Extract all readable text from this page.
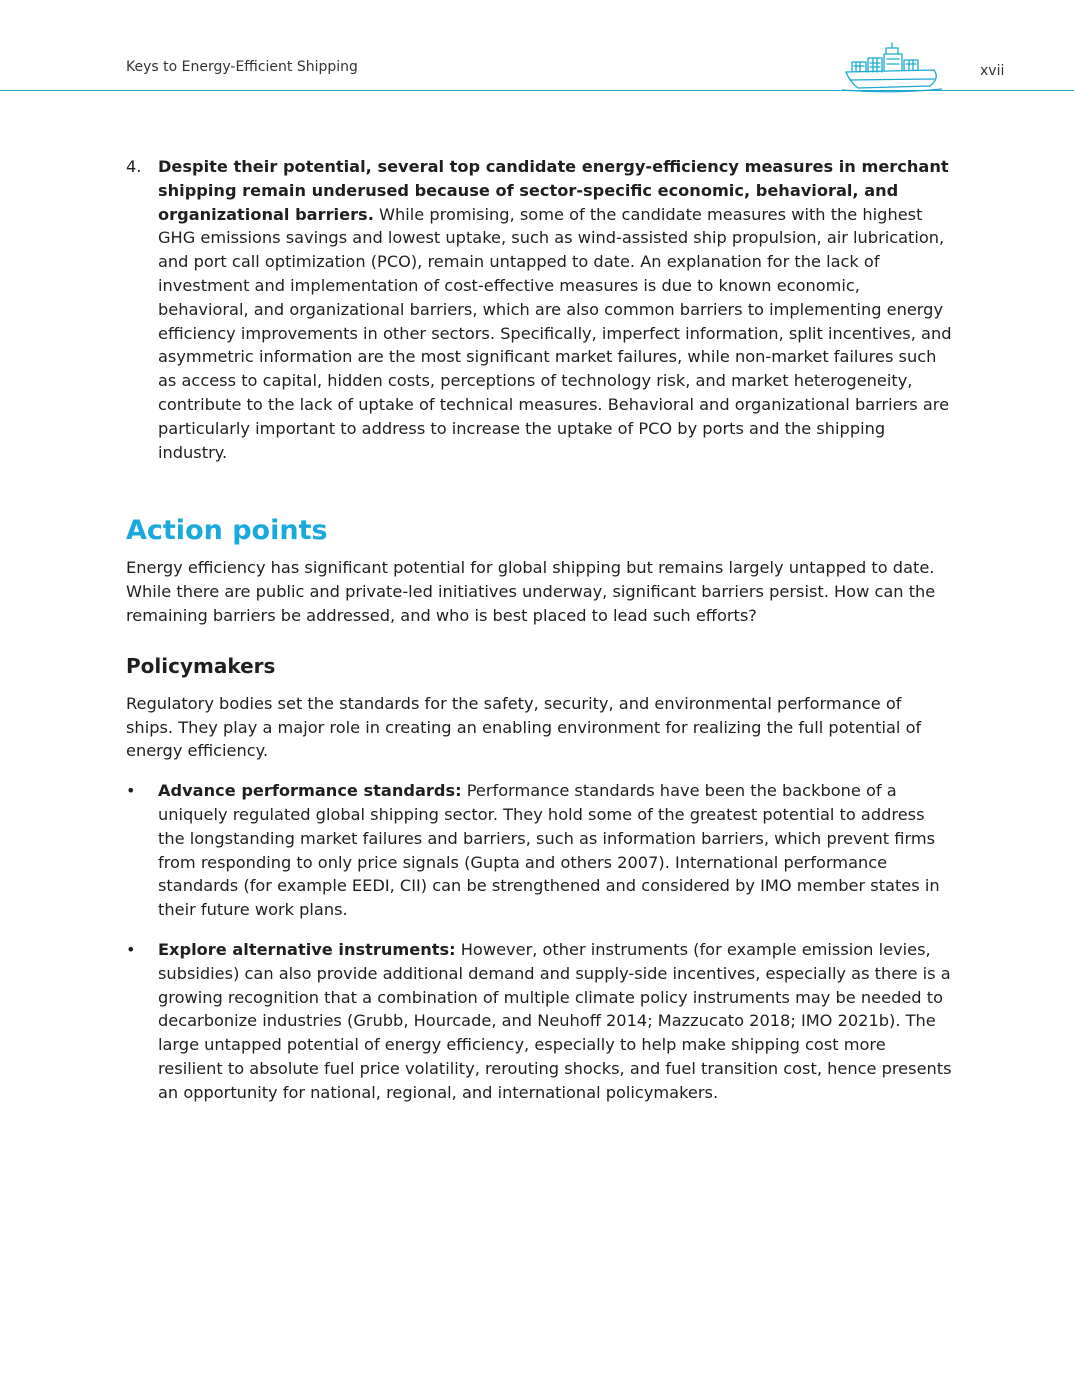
Keys to Energy-Efficient Shipping	xvii
4. Despite their potential, several top candidate energy-efficiency measures in merchant shipping remain underused because of sector-specific economic, behavioral, and organizational barriers. While promising, some of the candidate measures with the highest GHG emissions savings and lowest uptake, such as wind-assisted ship propulsion, air lubrication, and port call optimization (PCO), remain untapped to date. An explanation for the lack of investment and implementation of cost-effective measures is due to known economic, behavioral, and organizational barriers, which are also common barriers to implementing energy efficiency improvements in other sectors. Specifically, imperfect information, split incentives, and asymmetric information are the most significant market failures, while non-market failures such as access to capital, hidden costs, perceptions of technology risk, and market heterogeneity, contribute to the lack of uptake of technical measures. Behavioral and organizational barriers are particularly important to address to increase the uptake of PCO by ports and the shipping industry.
Action points

Energy efficiency has significant potential for global shipping but remains largely untapped to date. While there are public and private-led initiatives underway, significant barriers persist. How can the remaining barriers be addressed, and who is best placed to lead such efforts?

Policymakers

Regulatory bodies set the standards for the safety, security, and environmental performance of ships. They play a major role in creating an enabling environment for realizing the full potential of energy efficiency.

• Advance performance standards: Performance standards have been the backbone of a uniquely regulated global shipping sector. They hold some of the greatest potential to address the longstanding market failures and barriers, such as information barriers, which prevent firms from responding to only price signals (Gupta and others 2007). International performance standards (for example EEDI, CII) can be strengthened and considered by IMO member states in their future work plans.
• Explore alternative instruments: However, other instruments (for example emission levies, subsidies) can also provide additional demand and supply-side incentives, especially as there is a growing recognition that a combination of multiple climate policy instruments may be needed to decarbonize industries (Grubb, Hourcade, and Neuhoff 2014; Mazzucato 2018; IMO 2021b). The large untapped potential of energy efficiency, especially to help make shipping cost more resilient to absolute fuel price volatility, rerouting shocks, and fuel transition cost, hence presents an opportunity for national, regional, and international policymakers.
